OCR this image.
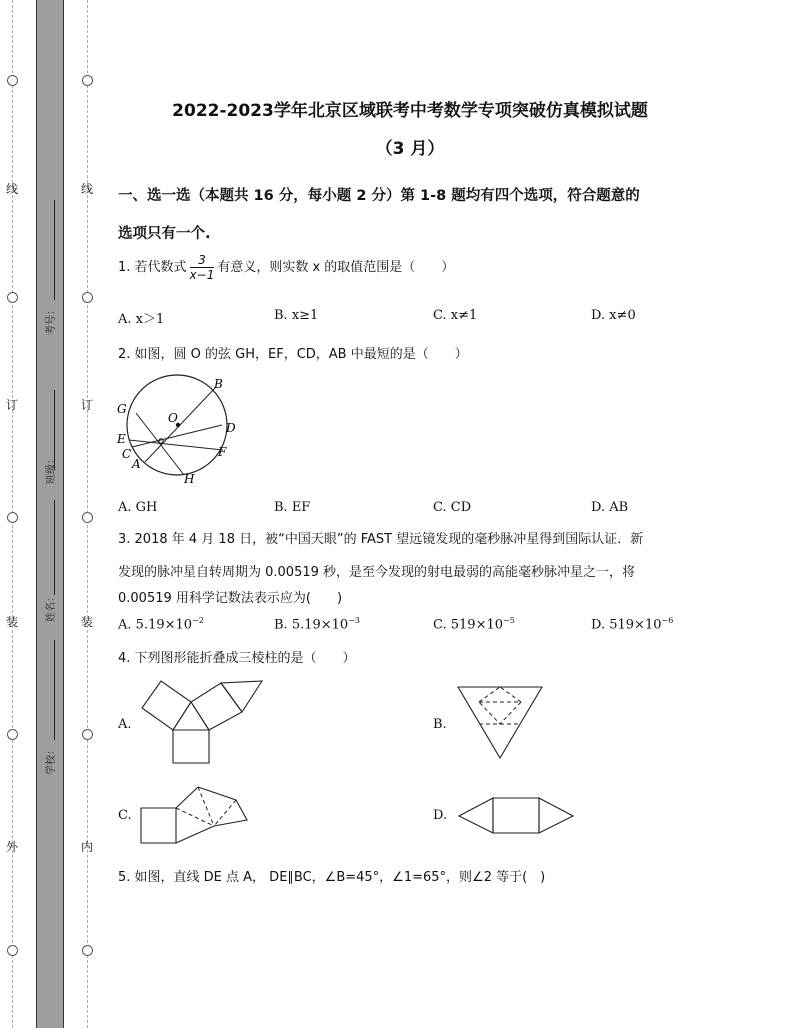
线
订
装
外
线
订
装
内
考号：
班级：
姓名：
学校：
2022-2023学年北京区域联考中考数学专项突破仿真模拟试题
（3 月）
一、选一选（本题共 16 分，每小题 2 分）第 1-8 题均有四个选项，符合题意的
选项只有一个.
1. 若代数式 $\frac{3}{x-1}$ 有意义，则实数 x 的取值范围是（　　）
A. x＞1	B. x≥1	C. x≠1	D. x≠0
2. 如图，圆 O 的弦 GH，EF，CD，AB 中最短的是（　　）
B
O
G
D
E
C
A
F
H
A. GH	B. EF	C. CD	D. AB
3. 2018 年 4 月 18 日，被“中国天眼”的 FAST 望远镜发现的毫秒脉冲星得到国际认证．新
发现的脉冲星自转周期为 0.00519 秒，是至今发现的射电最弱的高能毫秒脉冲星之一，将
0.00519 用科学记数法表示应为(　　)
A. $5.19\times 10^{-2}$	B. $5.19\times 10^{-3}$	C. $519\times 10^{-5}$	D. $519\times 10^{-6}$
4. 下列图形能折叠成三棱柱的是（　　）
A.	B.
C.	D.
5. 如图，直线 DE 点 A， DE∥BC，∠B=45°，∠1=65°，则∠2 等于(　)
